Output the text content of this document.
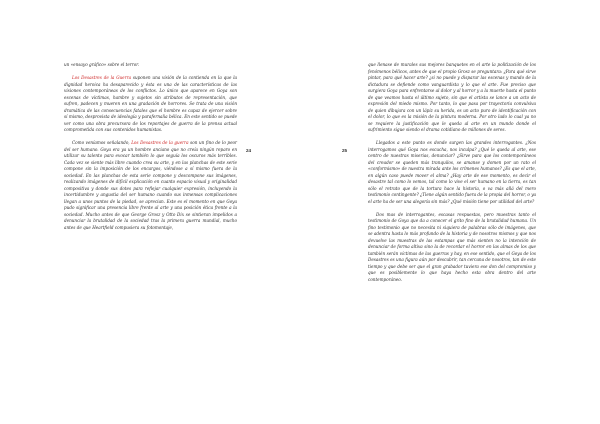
un «ensayo gráfico» sobre el terror.

Los Desastres de la Guerra suponen una visión de la contienda en la que la dignidad heroica ha desaparecido y ésta es una de las características de las visiones contemporáneas de los conflictos. Lo único que aparece en Goya son escenas de víctimas, hambre y sujetos sin atributos de representación, que sufren, padecen y mueren en una gradación de horrores. Se trata de una visión dramática de las consecuencias fatales que el hombre es capaz de ejercer sobre sí mismo, desprovista de ideología y parafernalia bélica. En este sentido se puede ver como una obra precursora de los reportajes de guerra de la prensa actual comprometida con sus contenidos humanistas.

Como veníamos señalando, Los Desastres de la guerra son un fino de lo peor del ser humano. Goya era ya un hombre anciano que no creía ningún reparo en utilizar su talento para evocar también lo que seguía los oscuros más terribles. Cada vez se siente más libre cuando crea su arte, y en las planchas de este serie compone sin la imposición de los encargos, viéndose a sí mismo fuera de la sociedad. En las planchas de esta serie compone y descompone sus imágenes, realizando imágenes de difícil explicación en cuanto espacio visual y originalidad compositiva y donde sus dotes para reflejar cualquier expresión, incluyendo la incertidumbre y angustia del ser humano cuando sus inmensas complicaciones llegan a unos puntos de la piedad, se aprecian. Este es el momento en que Goya pudo significar una presencia libre frente al arte y una posición ética frente a la sociedad. Mucho antes de que George Grosz y Otto Dix se sintieran impelidos a denunciar la brutalidad de la sociedad tras la primera guerra mundial, mucho antes de que Heartfield compusiera su fotomontaje,

24

que llenase de murales sus mejores banquetes en el arte la politización de los fenómenos bélicos, antes de que el propio Grosz se preguntara: ¿Para qué sirve pintar, para qué hacer arte? ¿si no puede y disparar las escenas y mando de la dictadura se defiende como vanguardista y lo que el arte. Fue preciso que surgiera Goya para enfrentarse al dolor y al horror y a la muerte hasta el punto de que veamos hasta el último sujeto, sin que el artista se lance a un acto de expresión del miedo mismo. Por tanto, lo que pasa por trayectoria convulsiva de quien dibujara con un lápiz su herida, es un acto puro de identificación con el dolor, lo que es la misión de la pintura moderna. Por otro lado lo cual ya no se requiere la justificación que le queda al arte en un mundo donde el sufrimiento sigue siendo el drama cotidiano de millones de seres.

Llegados a este punto es donde surgen las grandes interrogantes. ¿Nos interrogamos qué Goya nos escucha, nos inculpa? ¿Qué le queda al arte, ese centro de nuestras miserias, denunciar? ¿Sirve para que los contemporáneos del creador se queden más tranquilos, se amanse y domen por un rato el «conformismo» de nuestra mirada ante los crímenes humanos? ¿Es que el arte, en algún caso puede mover el alma? ¿Hay arte de ese momento, es decir el desastre tal como lo vemos, tal como lo vive el ser humano en la tierra, es tan sólo el retrato que de la tortura hace la historia, o va más allá del mero testimonio contingente? ¿Tiene algún sentido fuera de la propia del horror, o ya el arte ha de ser una alegoría sin más? ¿Qué misión tiene por utilidad del arte?

Dos mas de interrogantes, escasas respuestas, pero muestras tanto el testimonio de Goya que da a conocer el grito fino de la brutalidad humana. Un fino testimonio que no necesita ni siquiera de palabras sólo de imágenes, que se adentra hasta lo más profundo de la historia y de nosotros mismos y que nos devuelve las muestras de las estampas que más sienten no la intención de denunciar de forma altiva sino la de recordar el horror en las almas de los que también serán víctimas de las guerras y hay, en ese sentido, que el Goya de los Desastres es una figura aún por descubrir, tan cercana de nosotros, tan de este tiempo y que debe ser que el gran grabador tuviera ese don del compromiso y que es posiblemente lo que haya hecho esta obra dentro del arte contemporáneo.

25
